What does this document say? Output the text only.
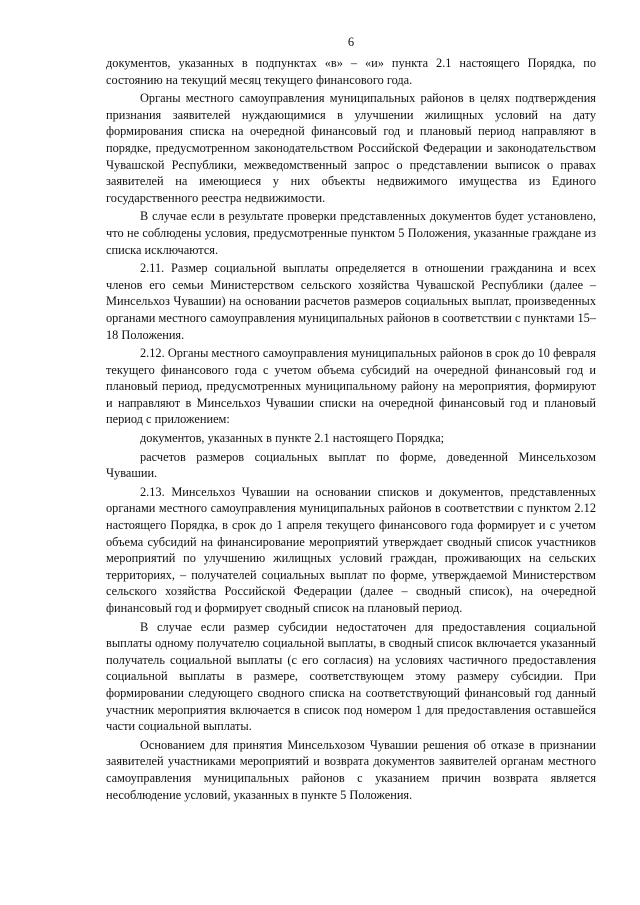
6

документов, указанных в подпунктах «в» – «и» пункта 2.1 настоящего Порядка, по состоянию на текущий месяц текущего финансового года.

Органы местного самоуправления муниципальных районов в целях подтверждения признания заявителей нуждающимися в улучшении жилищных условий на дату формирования списка на очередной финансовый год и плановый период направляют в порядке, предусмотренном законодательством Российской Федерации и законодательством Чувашской Республики, межведомственный запрос о представлении выписок о правах заявителей на имеющиеся у них объекты недвижимого имущества из Единого государственного реестра недвижимости.

В случае если в результате проверки представленных документов будет установлено, что не соблюдены условия, предусмотренные пунктом 5 Положения, указанные граждане из списка исключаются.

2.11. Размер социальной выплаты определяется в отношении гражданина и всех членов его семьи Министерством сельского хозяйства Чувашской Республики (далее – Минсельхоз Чувашии) на основании расчетов размеров социальных выплат, произведенных органами местного самоуправления муниципальных районов в соответствии с пунктами 15–18 Положения.

2.12. Органы местного самоуправления муниципальных районов в срок до 10 февраля текущего финансового года с учетом объема субсидий на очередной финансовый год и плановый период, предусмотренных муниципальному району на мероприятия, формируют и направляют в Минсельхоз Чувашии списки на очередной финансовый год и плановый период с приложением:

документов, указанных в пункте 2.1 настоящего Порядка;

расчетов размеров социальных выплат по форме, доведенной Минсельхозом Чувашии.

2.13. Минсельхоз Чувашии на основании списков и документов, представленных органами местного самоуправления муниципальных районов в соответствии с пунктом 2.12 настоящего Порядка, в срок до 1 апреля текущего финансового года формирует и с учетом объема субсидий на финансирование мероприятий утверждает сводный список участников мероприятий по улучшению жилищных условий граждан, проживающих на сельских территориях, – получателей социальных выплат по форме, утверждаемой Министерством сельского хозяйства Российской Федерации (далее – сводный список), на очередной финансовый год и формирует сводный список на плановый период.

В случае если размер субсидии недостаточен для предоставления социальной выплаты одному получателю социальной выплаты, в сводный список включается указанный получатель социальной выплаты (с его согласия) на условиях частичного предоставления социальной выплаты в размере, соответствующем этому размеру субсидии. При формировании следующего сводного списка на соответствующий финансовый год данный участник мероприятия включается в список под номером 1 для предоставления оставшейся части социальной выплаты.

Основанием для принятия Минсельхозом Чувашии решения об отказе в признании заявителей участниками мероприятий и возврата документов заявителей органам местного самоуправления муниципальных районов с указанием причин возврата является несоблюдение условий, указанных в пункте 5 Положения.
